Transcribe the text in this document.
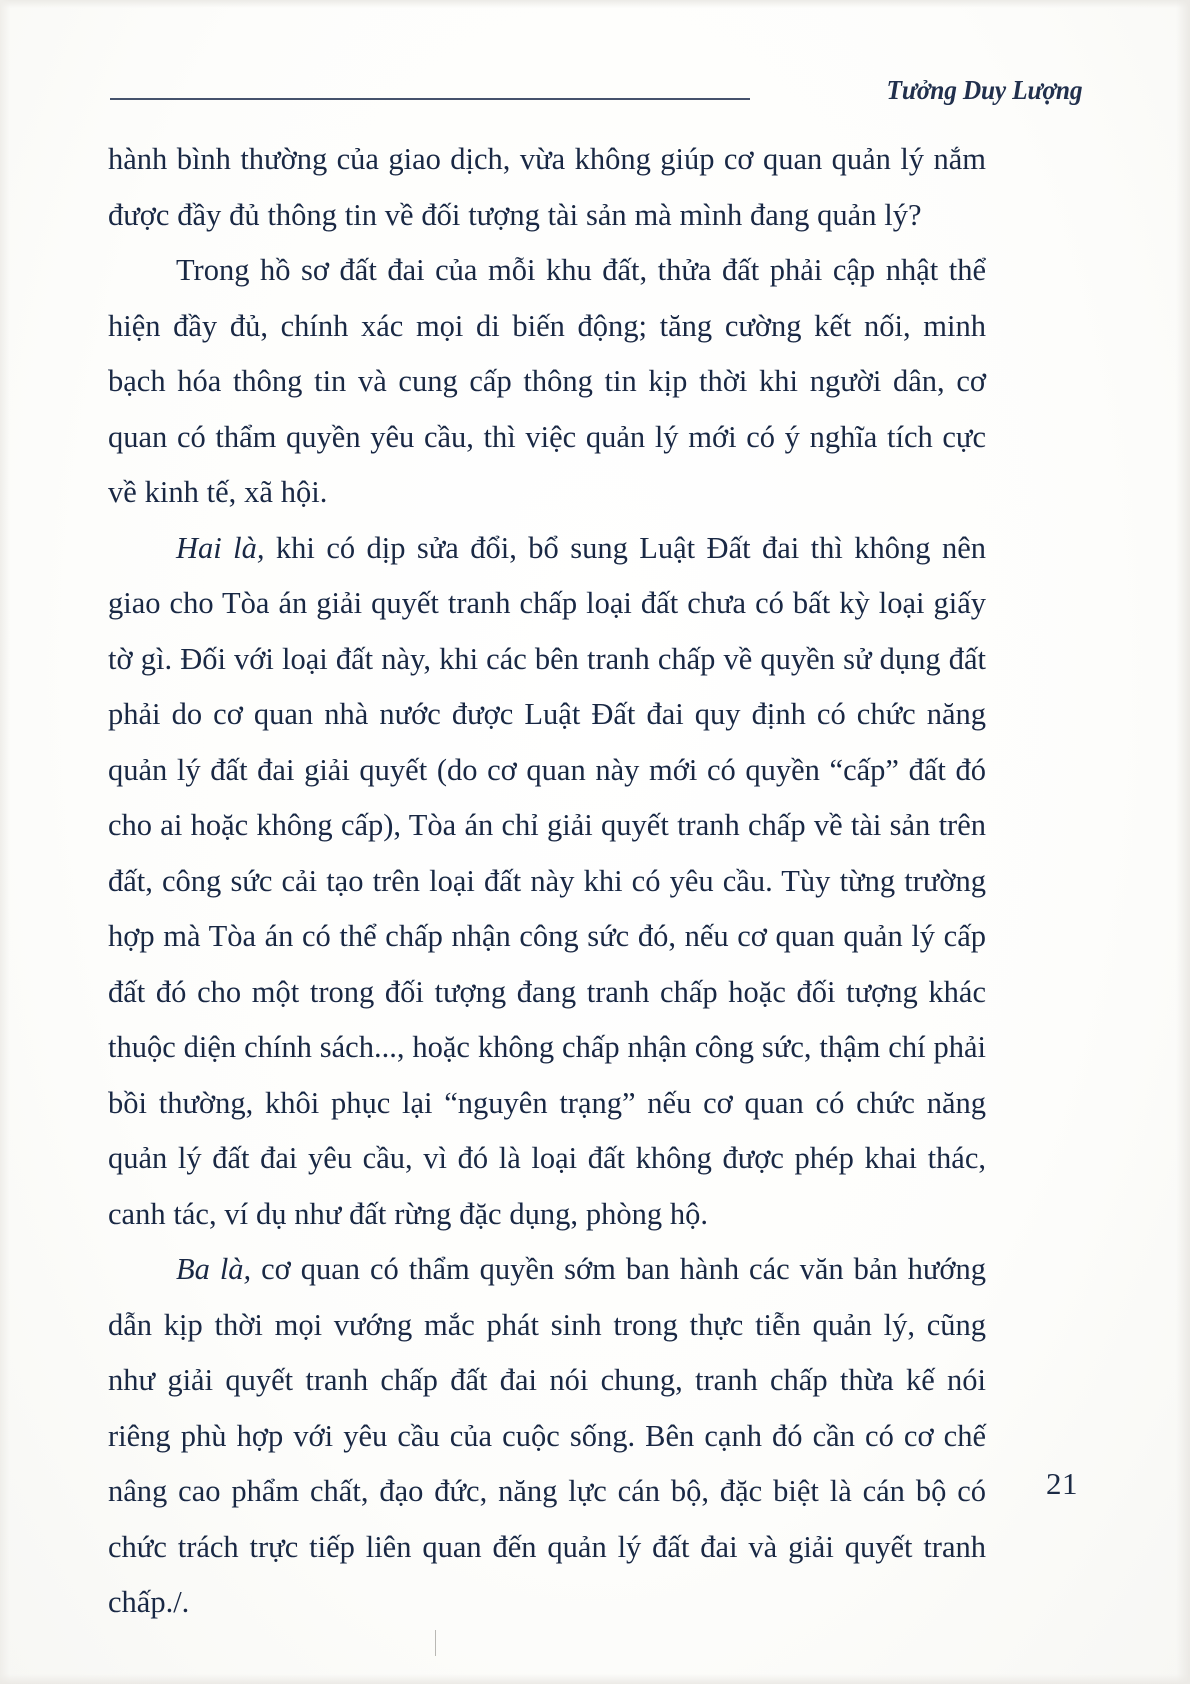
Tưởng Duy Lượng

hành bình thường của giao dịch, vừa không giúp cơ quan quản lý nắm được đầy đủ thông tin về đối tượng tài sản mà mình đang quản lý?

Trong hồ sơ đất đai của mỗi khu đất, thửa đất phải cập nhật thể hiện đầy đủ, chính xác mọi di biến động; tăng cường kết nối, minh bạch hóa thông tin và cung cấp thông tin kịp thời khi người dân, cơ quan có thẩm quyền yêu cầu, thì việc quản lý mới có ý nghĩa tích cực về kinh tế, xã hội.

Hai là, khi có dịp sửa đổi, bổ sung Luật Đất đai thì không nên giao cho Tòa án giải quyết tranh chấp loại đất chưa có bất kỳ loại giấy tờ gì. Đối với loại đất này, khi các bên tranh chấp về quyền sử dụng đất phải do cơ quan nhà nước được Luật Đất đai quy định có chức năng quản lý đất đai giải quyết (do cơ quan này mới có quyền “cấp” đất đó cho ai hoặc không cấp), Tòa án chỉ giải quyết tranh chấp về tài sản trên đất, công sức cải tạo trên loại đất này khi có yêu cầu. Tùy từng trường hợp mà Tòa án có thể chấp nhận công sức đó, nếu cơ quan quản lý cấp đất đó cho một trong đối tượng đang tranh chấp hoặc đối tượng khác thuộc diện chính sách..., hoặc không chấp nhận công sức, thậm chí phải bồi thường, khôi phục lại “nguyên trạng” nếu cơ quan có chức năng quản lý đất đai yêu cầu, vì đó là loại đất không được phép khai thác, canh tác, ví dụ như đất rừng đặc dụng, phòng hộ.

Ba là, cơ quan có thẩm quyền sớm ban hành các văn bản hướng dẫn kịp thời mọi vướng mắc phát sinh trong thực tiễn quản lý, cũng như giải quyết tranh chấp đất đai nói chung, tranh chấp thừa kế nói riêng phù hợp với yêu cầu của cuộc sống. Bên cạnh đó cần có cơ chế nâng cao phẩm chất, đạo đức, năng lực cán bộ, đặc biệt là cán bộ có chức trách trực tiếp liên quan đến quản lý đất đai và giải quyết tranh chấp./.

21
